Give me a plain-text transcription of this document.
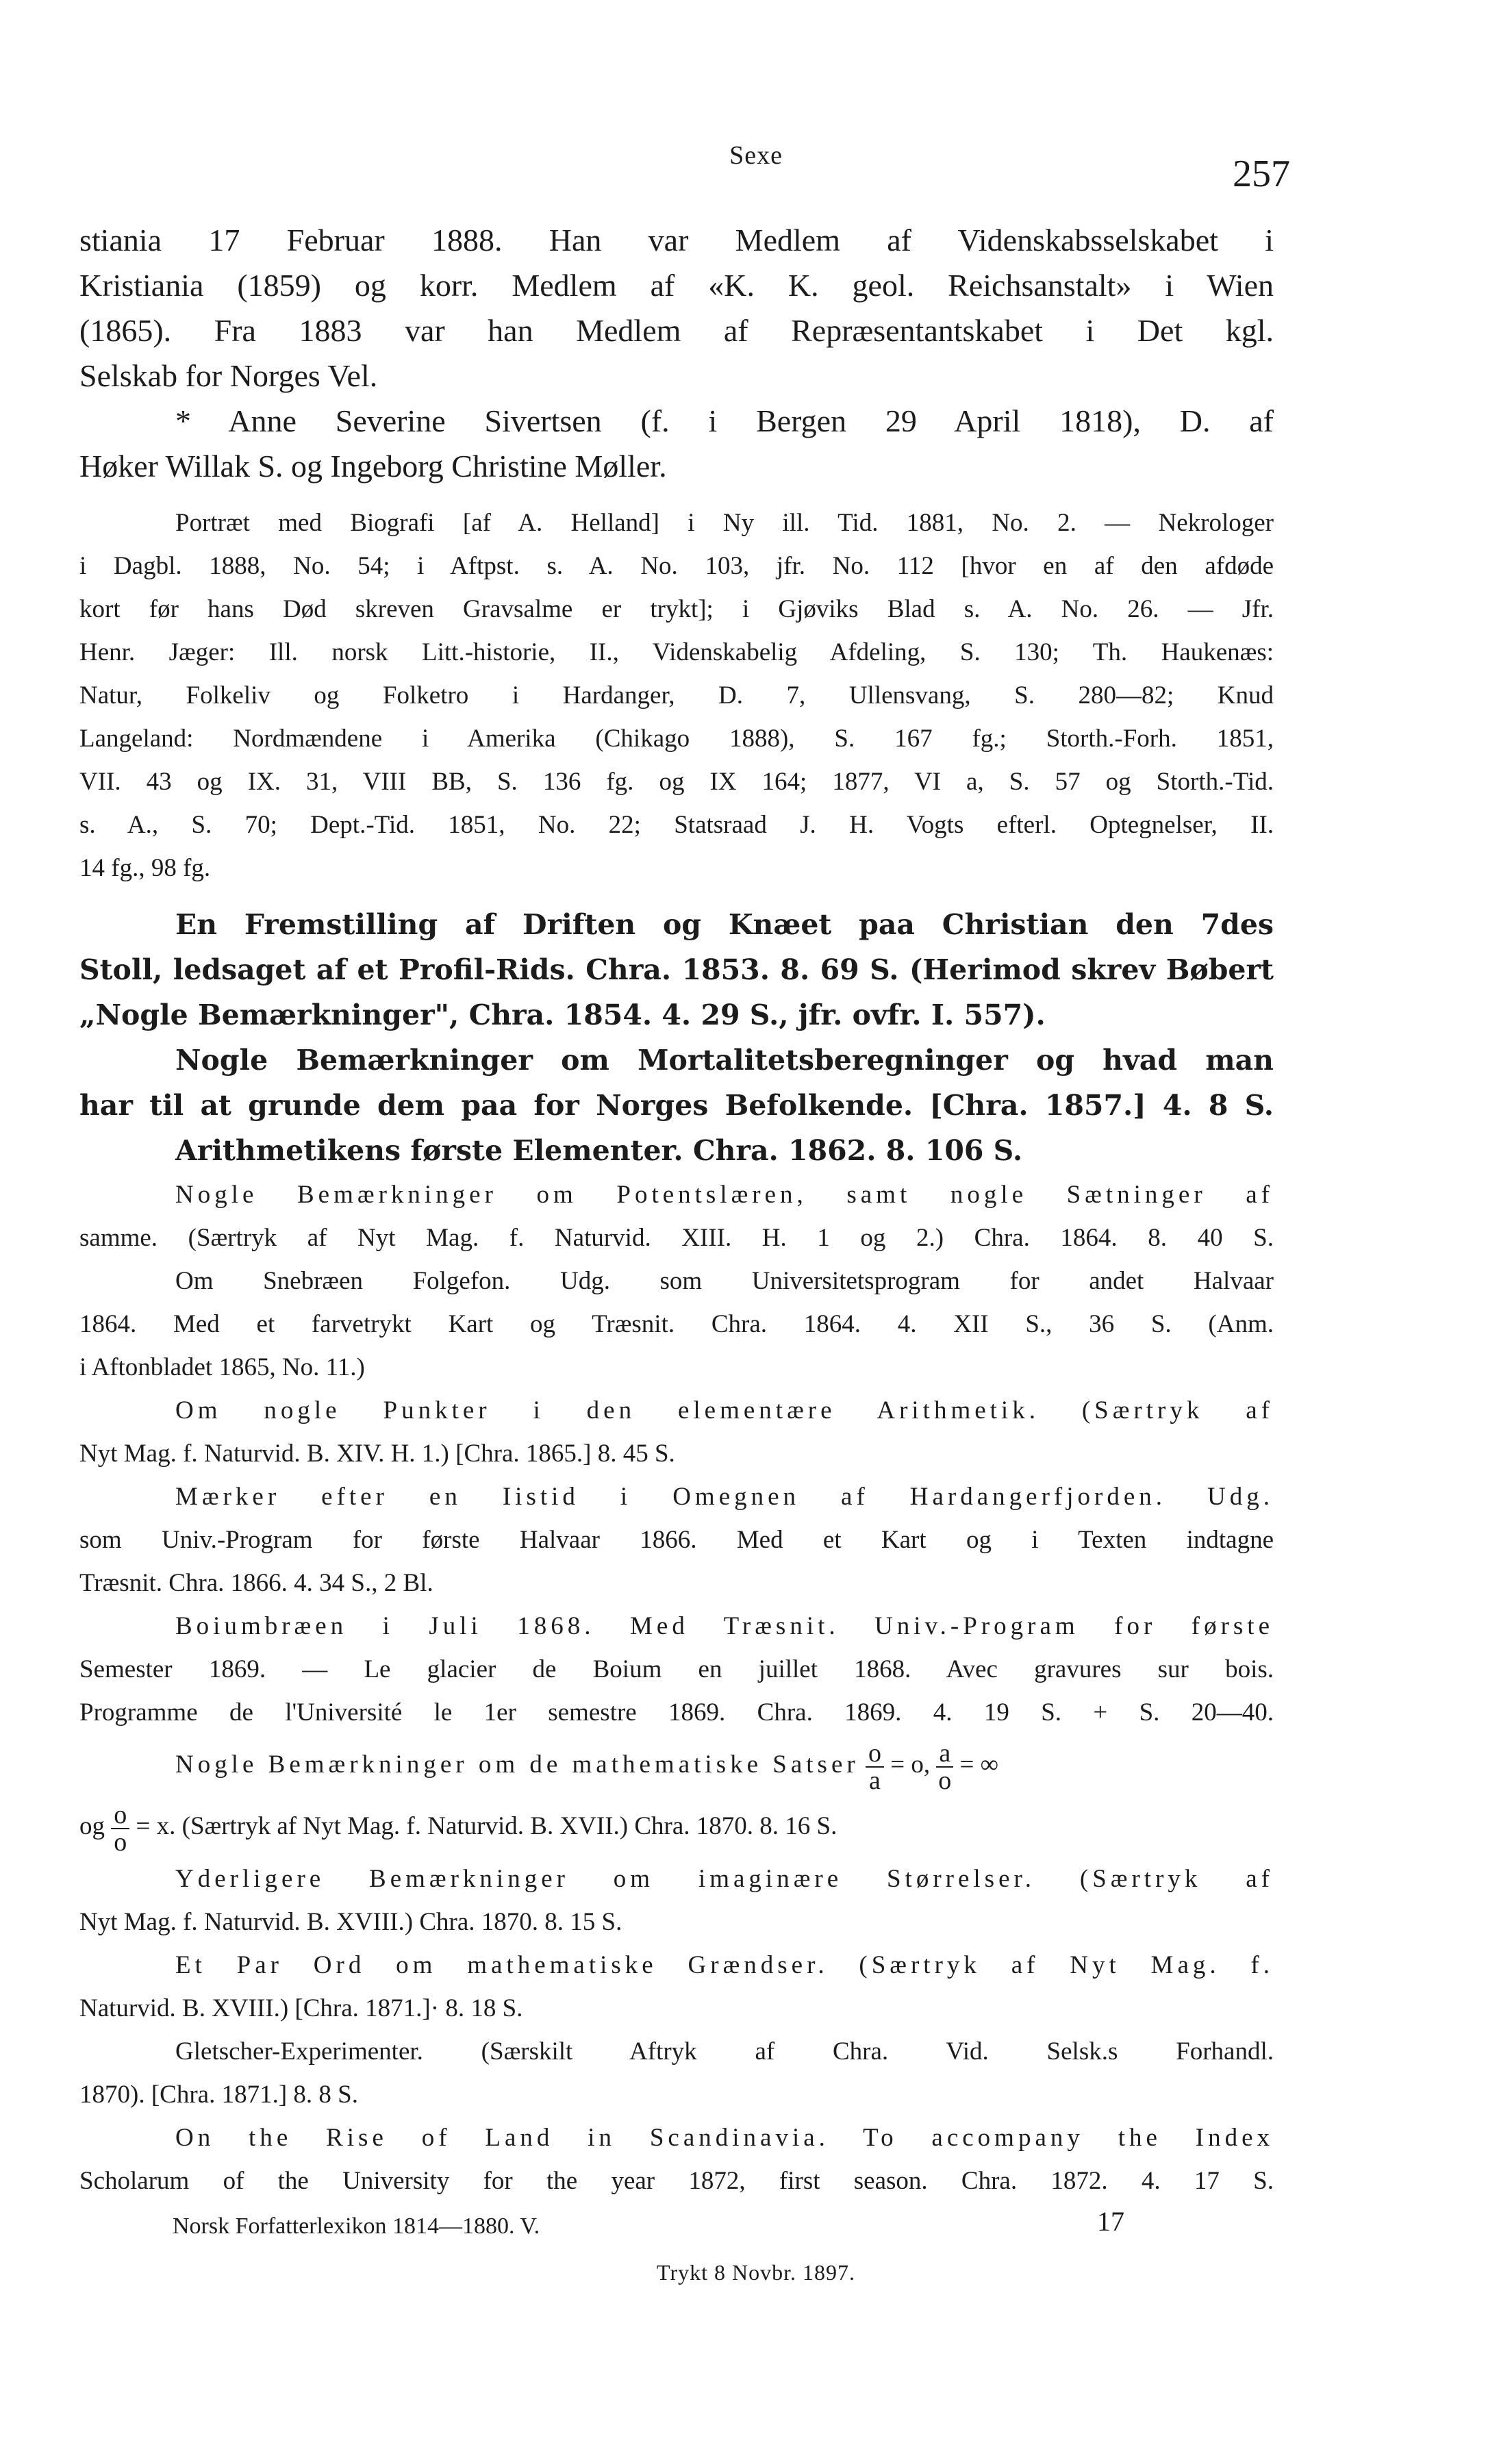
Sexe	257
stiania 17 Februar 1888. Han var Medlem af Videnskabsselskabet i
Kristiania (1859) og korr. Medlem af «K. K. geol. Reichsanstalt» i Wien
(1865). Fra 1883 var han Medlem af Repræsentantskabet i Det kgl.
Selskab for Norges Vel.
* Anne Severine Sivertsen (f. i Bergen 29 April 1818), D. af
Høker Willak S. og Ingeborg Christine Møller.
Portræt med Biografi [af A. Helland] i Ny ill. Tid. 1881, No. 2. — Nekrologer
i Dagbl. 1888, No. 54; i Aftpst. s. A. No. 103, jfr. No. 112 [hvor en af den afdøde
kort før hans Død skreven Gravsalme er trykt]; i Gjøviks Blad s. A. No. 26. — Jfr.
Henr. Jæger: Ill. norsk Litt.-historie, II., Videnskabelig Afdeling, S. 130; Th. Haukenæs:
Natur, Folkeliv og Folketro i Hardanger, D. 7, Ullensvang, S. 280—82; Knud
Langeland: Nordmændene i Amerika (Chikago 1888), S. 167 fg.; Storth.-Forh. 1851,
VII. 43 og IX. 31, VIII BB, S. 136 fg. og IX 164; 1877, VI a, S. 57 og Storth.-Tid.
s. A., S. 70; Dept.-Tid. 1851, No. 22; Statsraad J. H. Vogts efterl. Optegnelser, II.
14 fg., 98 fg.
En Fremstilling af Driften og Knæet paa Christian den 7des
Stoll, ledsaget af et Profil-Rids. Chra. 1853. 8. 69 S. (Herimod skrev Bøbert
„Nogle Bemærkninger", Chra. 1854. 4. 29 S., jfr. ovfr. I. 557).
Nogle Bemærkninger om Mortalitetsberegninger og hvad man
har til at grunde dem paa for Norges Befolkende. [Chra. 1857.] 4. 8 S.
Arithmetikens første Elementer. Chra. 1862. 8. 106 S.
Nogle Bemærkninger om Potentslæren, samt nogle Sætninger af
samme. (Særtryk af Nyt Mag. f. Naturvid. XIII. H. 1 og 2.) Chra. 1864. 8. 40 S.
Om Snebræen Folgefon. Udg. som Universitetsprogram for andet Halvaar
1864. Med et farvetrykt Kart og Træsnit. Chra. 1864. 4. XII S., 36 S. (Anm.
i Aftonbladet 1865, No. 11.)
Om nogle Punkter i den elementære Arithmetik. (Særtryk af
Nyt Mag. f. Naturvid. B. XIV. H. 1.) [Chra. 1865.] 8. 45 S.
Mærker efter en Iistid i Omegnen af Hardangerfjorden. Udg.
som Univ.-Program for første Halvaar 1866. Med et Kart og i Texten indtagne
Træsnit. Chra. 1866. 4. 34 S., 2 Bl.
Boiumbræen i Juli 1868. Med Træsnit. Univ.-Program for første
Semester 1869. — Le glacier de Boium en juillet 1868. Avec gravures sur bois.
Programme de l'Université le 1er semestre 1869. Chra. 1869. 4. 19 S. + S. 20—40.
Nogle Bemærkninger om de mathematiske Satser $\frac{o}{a} = o$, $\frac{a}{o}$ = ∞
og $\frac{o}{o} = x$. (Særtryk af Nyt Mag. f. Naturvid. B. XVII.) Chra. 1870. 8. 16 S.
Yderligere Bemærkninger om imaginære Størrelser. (Særtryk af
Nyt Mag. f. Naturvid. B. XVIII.) Chra. 1870. 8. 15 S.
Et Par Ord om mathematiske Grændser. (Særtryk af Nyt Mag. f.
Naturvid. B. XVIII.) [Chra. 1871.]· 8. 18 S.
Gletscher-Experimenter. (Særskilt Aftryk af Chra. Vid. Selsk.s Forhandl.
1870). [Chra. 1871.] 8. 8 S.
On the Rise of Land in Scandinavia. To accompany the Index
Scholarum of the University for the year 1872, first season. Chra. 1872. 4. 17 S.
Norsk Forfatterlexikon 1814—1880. V.	17
Trykt 8 Novbr. 1897.
